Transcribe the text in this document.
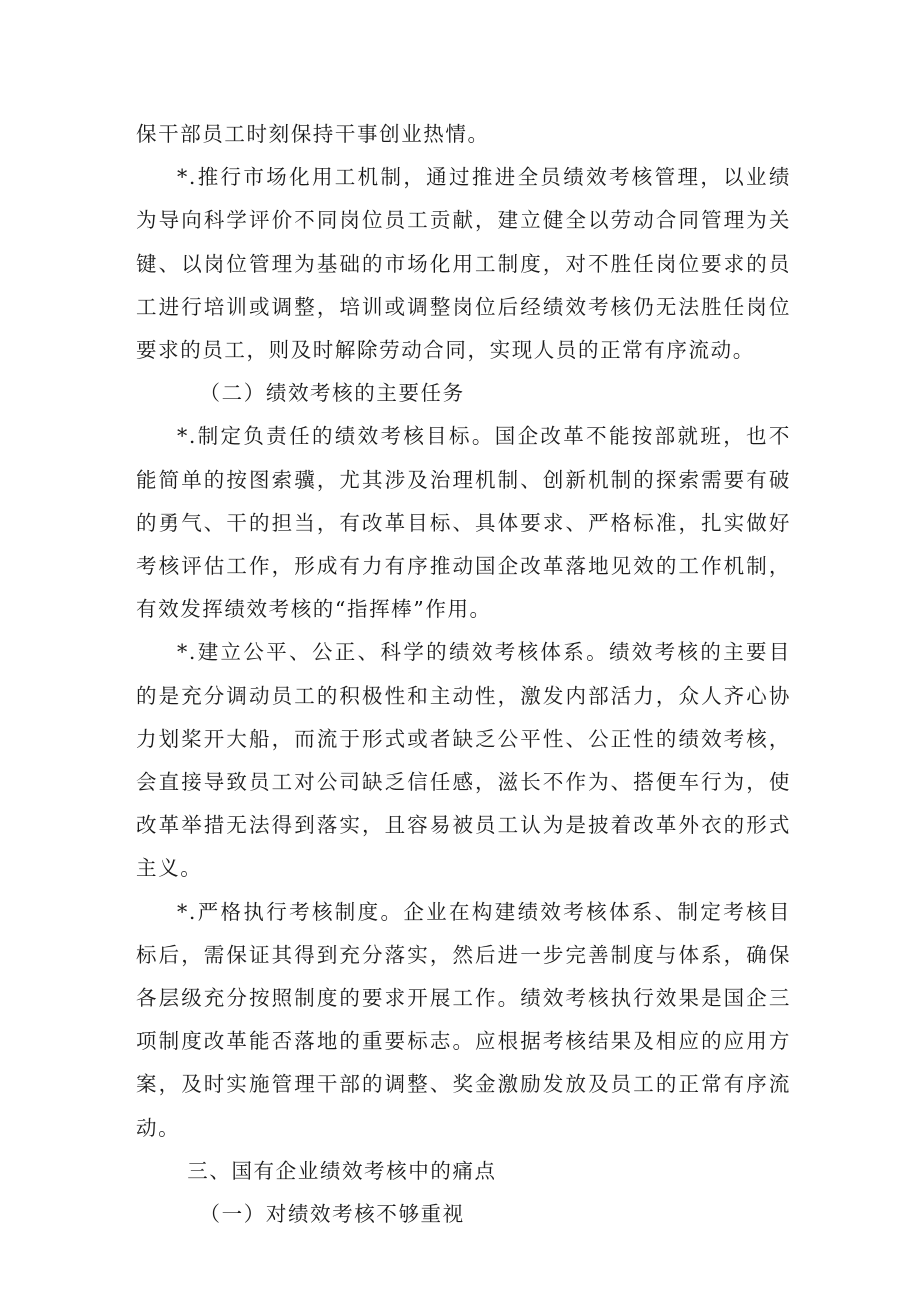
保干部员工时刻保持干事创业热情。

*.推行市场化用工机制，通过推进全员绩效考核管理，以业绩为导向科学评价不同岗位员工贡献，建立健全以劳动合同管理为关键、以岗位管理为基础的市场化用工制度，对不胜任岗位要求的员工进行培训或调整，培训或调整岗位后经绩效考核仍无法胜任岗位要求的员工，则及时解除劳动合同，实现人员的正常有序流动。

（二）绩效考核的主要任务

*.制定负责任的绩效考核目标。国企改革不能按部就班，也不能简单的按图索骥，尤其涉及治理机制、创新机制的探索需要有破的勇气、干的担当，有改革目标、具体要求、严格标准，扎实做好考核评估工作，形成有力有序推动国企改革落地见效的工作机制，有效发挥绩效考核的“指挥棒”作用。

*.建立公平、公正、科学的绩效考核体系。绩效考核的主要目的是充分调动员工的积极性和主动性，激发内部活力，众人齐心协力划桨开大船，而流于形式或者缺乏公平性、公正性的绩效考核，会直接导致员工对公司缺乏信任感，滋长不作为、搭便车行为，使改革举措无法得到落实，且容易被员工认为是披着改革外衣的形式主义。

*.严格执行考核制度。企业在构建绩效考核体系、制定考核目标后，需保证其得到充分落实，然后进一步完善制度与体系，确保各层级充分按照制度的要求开展工作。绩效考核执行效果是国企三项制度改革能否落地的重要标志。应根据考核结果及相应的应用方案，及时实施管理干部的调整、奖金激励发放及员工的正常有序流动。

三、国有企业绩效考核中的痛点

（一）对绩效考核不够重视
